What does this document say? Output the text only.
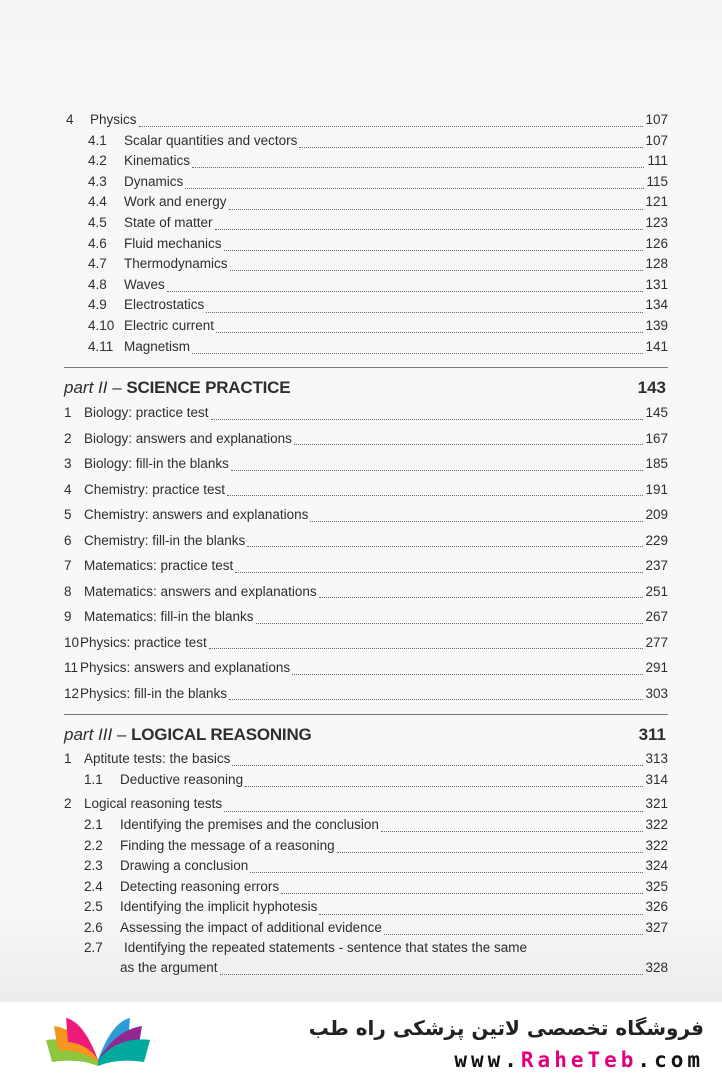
4	Physics	107
4.1	Scalar quantities and vectors	107
4.2	Kinematics	111
4.3	Dynamics	115
4.4	Work and energy	121
4.5	State of matter	123
4.6	Fluid mechanics	126
4.7	Thermodynamics	128
4.8	Waves	131
4.9	Electrostatics	134
4.10 Electric current	139
4.11 Magnetism	141
part II – SCIENCE PRACTICE	143
1 Biology: practice test	145
2 Biology: answers and explanations	167
3 Biology: fill-in the blanks	185
4 Chemistry: practice test	191
5 Chemistry: answers and explanations	209
6 Chemistry: fill-in the blanks	229
7 Matematics: practice test	237
8 Matematics: answers and explanations	251
9 Matematics: fill-in the blanks	267
10 Physics: practice test	277
11 Physics: answers and explanations	291
12 Physics: fill-in the blanks	303
part III – LOGICAL REASONING	311
1 Aptitute tests: the basics	313
1.1	Deductive reasoning	314
2 Logical reasoning tests	321
2.1	Identifying the premises and the conclusion	322
2.2	Finding the message of a reasoning	322
2.3	Drawing a conclusion	324
2.4	Detecting reasoning errors	325
2.5	Identifying the implicit hyphotesis	326
2.6	Assessing the impact of additional evidence	327
2.7	Identifying the repeated statements - sentence that states the same
as the argument	328
فروشگاه تخصصی لاتین پزشکی راه طب
www.RaheTeb.com
